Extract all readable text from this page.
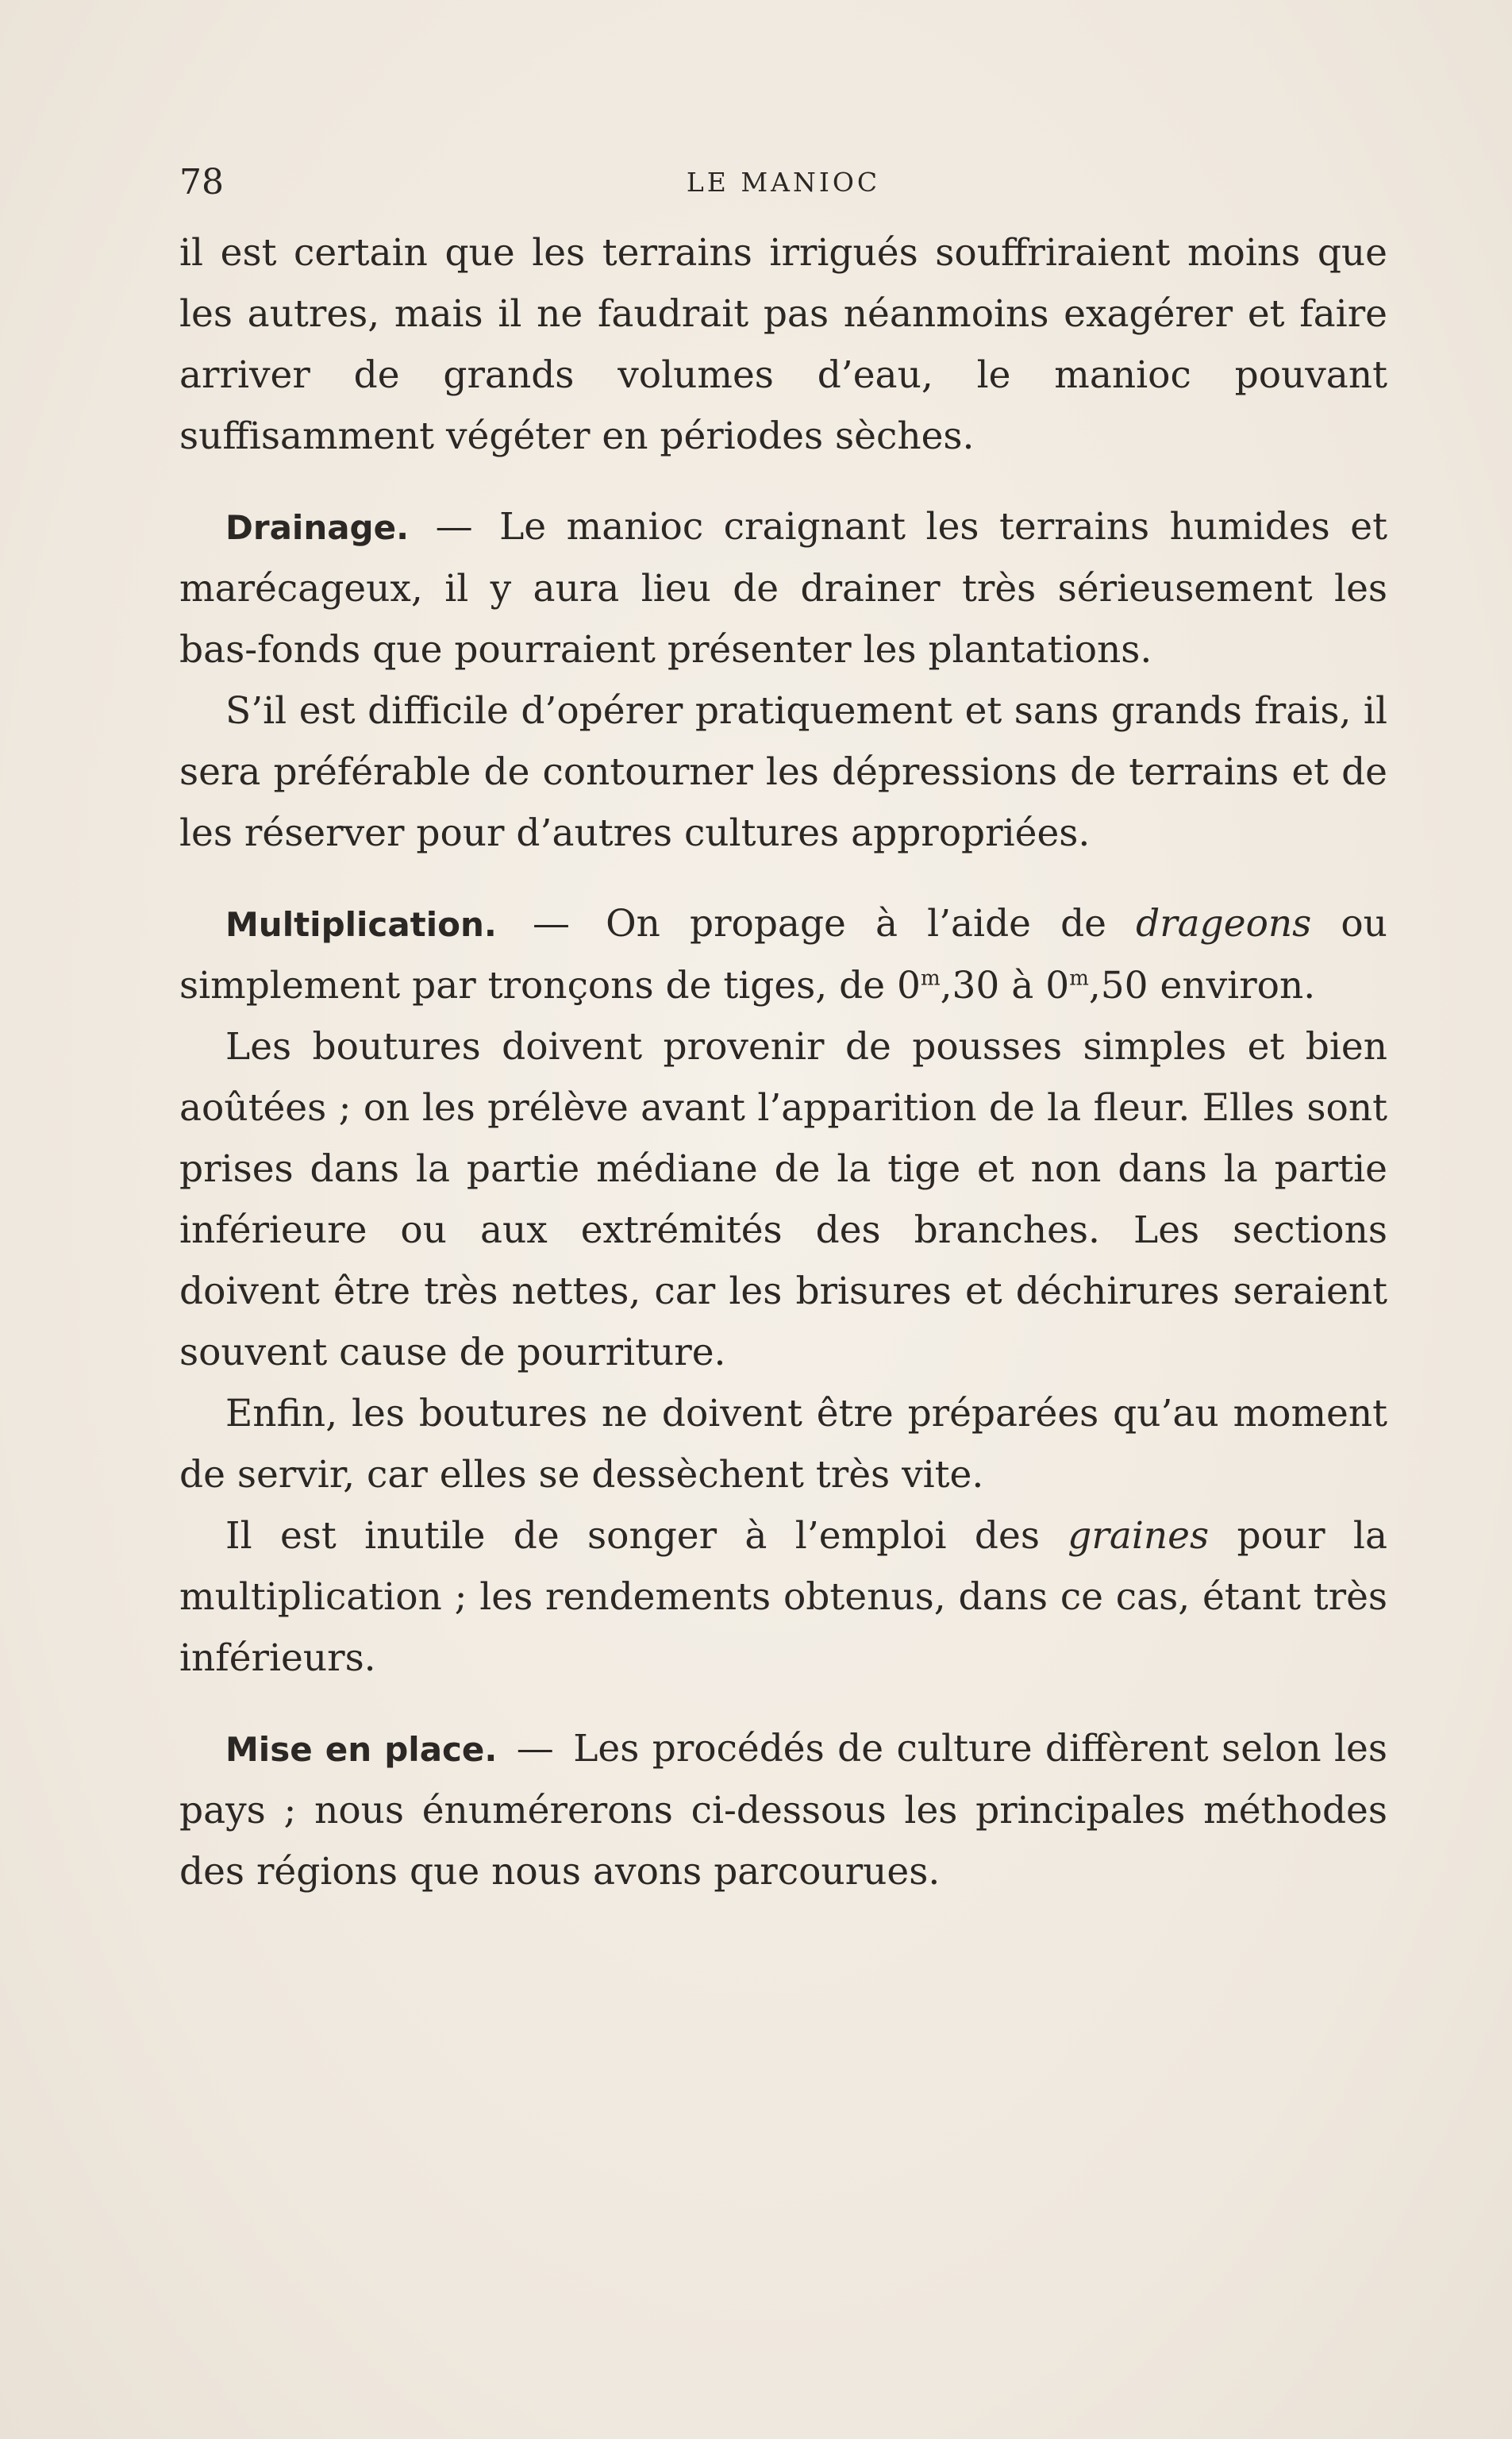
78	LE MANIOC

il est certain que les terrains irrigués souffriraient moins que les autres, mais il ne faudrait pas néanmoins exagérer et faire arriver de grands volumes d’eau, le manioc pouvant suffisamment végéter en périodes sèches.

Drainage. — Le manioc craignant les terrains humides et marécageux, il y aura lieu de drainer très sérieusement les bas-fonds que pourraient présenter les plantations.

S’il est difficile d’opérer pratiquement et sans grands frais, il sera préférable de contourner les dépressions de terrains et de les réserver pour d’autres cultures appropriées.

Multiplication. — On propage à l’aide de drageons ou simplement par tronçons de tiges, de 0$^m$,30 à 0$^m$,50 environ.

Les boutures doivent provenir de pousses simples et bien aoûtées ; on les prélève avant l’apparition de la fleur. Elles sont prises dans la partie médiane de la tige et non dans la partie inférieure ou aux extrémités des branches. Les sections doivent être très nettes, car les brisures et déchirures seraient souvent cause de pourriture.

Enfin, les boutures ne doivent être préparées qu’au moment de servir, car elles se dessèchent très vite.

Il est inutile de songer à l’emploi des graines pour la multiplication ; les rendements obtenus, dans ce cas, étant très inférieurs.

Mise en place. — Les procédés de culture diffèrent selon les pays ; nous énumérerons ci-dessous les principales méthodes des régions que nous avons parcourues.
